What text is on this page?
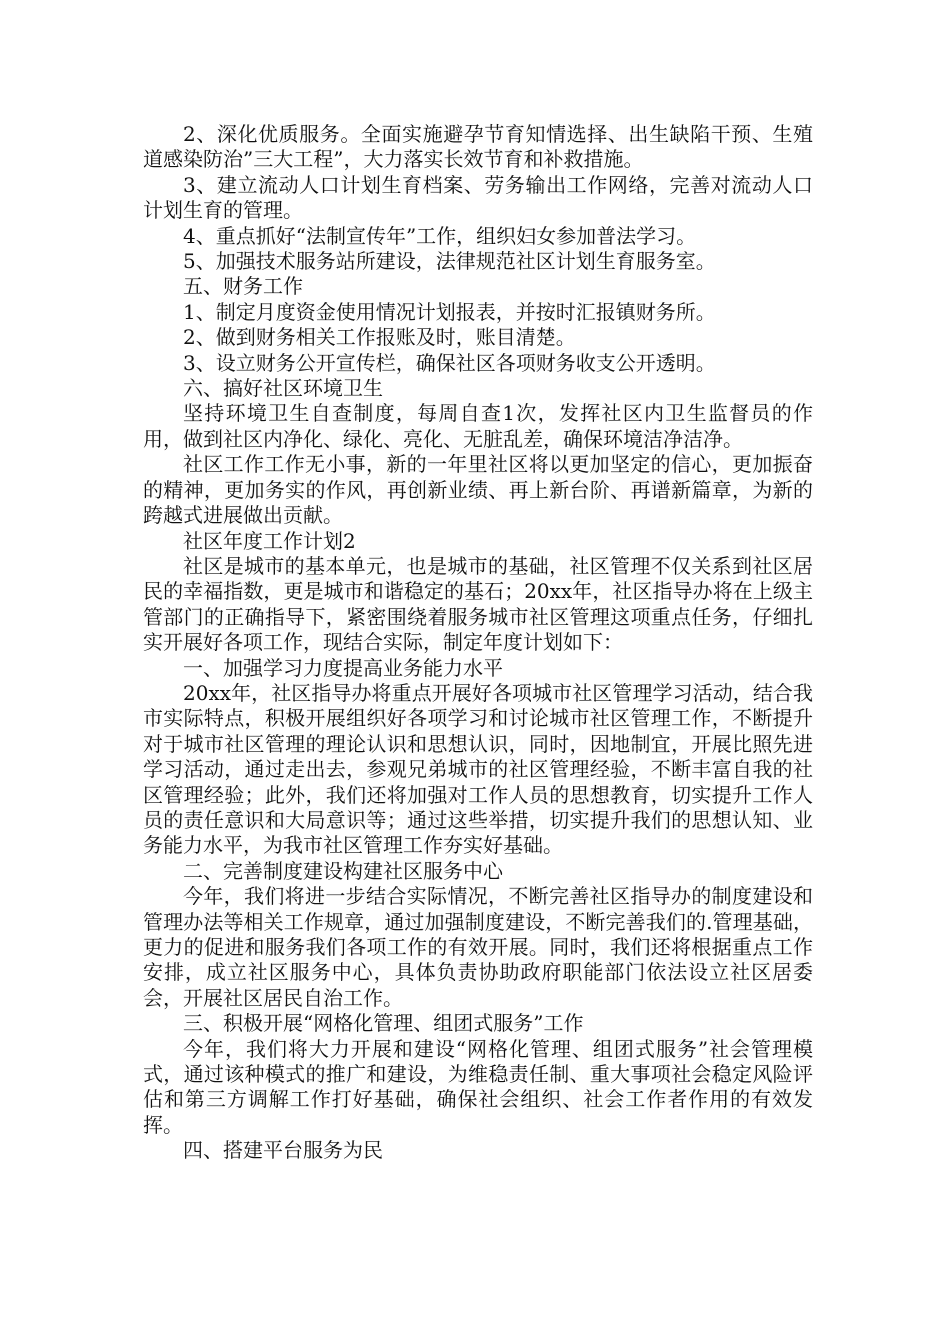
2、深化优质服务。全面实施避孕节育知情选择、出生缺陷干预、生殖道感染防治”三大工程”，大力落实长效节育和补救措施。

3、建立流动人口计划生育档案、劳务输出工作网络，完善对流动人口计划生育的管理。

4、重点抓好“法制宣传年”工作，组织妇女参加普法学习。

5、加强技术服务站所建设，法律规范社区计划生育服务室。

五、财务工作

1、制定月度资金使用情况计划报表，并按时汇报镇财务所。

2、做到财务相关工作报账及时，账目清楚。

3、设立财务公开宣传栏，确保社区各项财务收支公开透明。

六、搞好社区环境卫生

坚持环境卫生自查制度，每周自查1次，发挥社区内卫生监督员的作用，做到社区内净化、绿化、亮化、无脏乱差，确保环境洁净洁净。

社区工作工作无小事，新的一年里社区将以更加坚定的信心，更加振奋的精神，更加务实的作风，再创新业绩、再上新台阶、再谱新篇章，为新的跨越式进展做出贡献。

社区年度工作计划2

社区是城市的基本单元，也是城市的基础，社区管理不仅关系到社区居民的幸福指数，更是城市和谐稳定的基石；20xx年，社区指导办将在上级主管部门的正确指导下，紧密围绕着服务城市社区管理这项重点任务，仔细扎实开展好各项工作，现结合实际，制定年度计划如下：

一、加强学习力度提高业务能力水平

20xx年，社区指导办将重点开展好各项城市社区管理学习活动，结合我市实际特点，积极开展组织好各项学习和讨论城市社区管理工作，不断提升对于城市社区管理的理论认识和思想认识，同时，因地制宜，开展比照先进学习活动，通过走出去，参观兄弟城市的社区管理经验，不断丰富自我的社区管理经验；此外，我们还将加强对工作人员的思想教育，切实提升工作人员的责任意识和大局意识等；通过这些举措，切实提升我们的思想认知、业务能力水平，为我市社区管理工作夯实好基础。

二、完善制度建设构建社区服务中心

今年，我们将进一步结合实际情况，不断完善社区指导办的制度建设和管理办法等相关工作规章，通过加强制度建设，不断完善我们的.管理基础，更力的促进和服务我们各项工作的有效开展。同时，我们还将根据重点工作安排，成立社区服务中心，具体负责协助政府职能部门依法设立社区居委会，开展社区居民自治工作。

三、积极开展“网格化管理、组团式服务”工作

今年，我们将大力开展和建设“网格化管理、组团式服务”社会管理模式，通过该种模式的推广和建设，为维稳责任制、重大事项社会稳定风险评估和第三方调解工作打好基础，确保社会组织、社会工作者作用的有效发挥。

四、搭建平台服务为民
